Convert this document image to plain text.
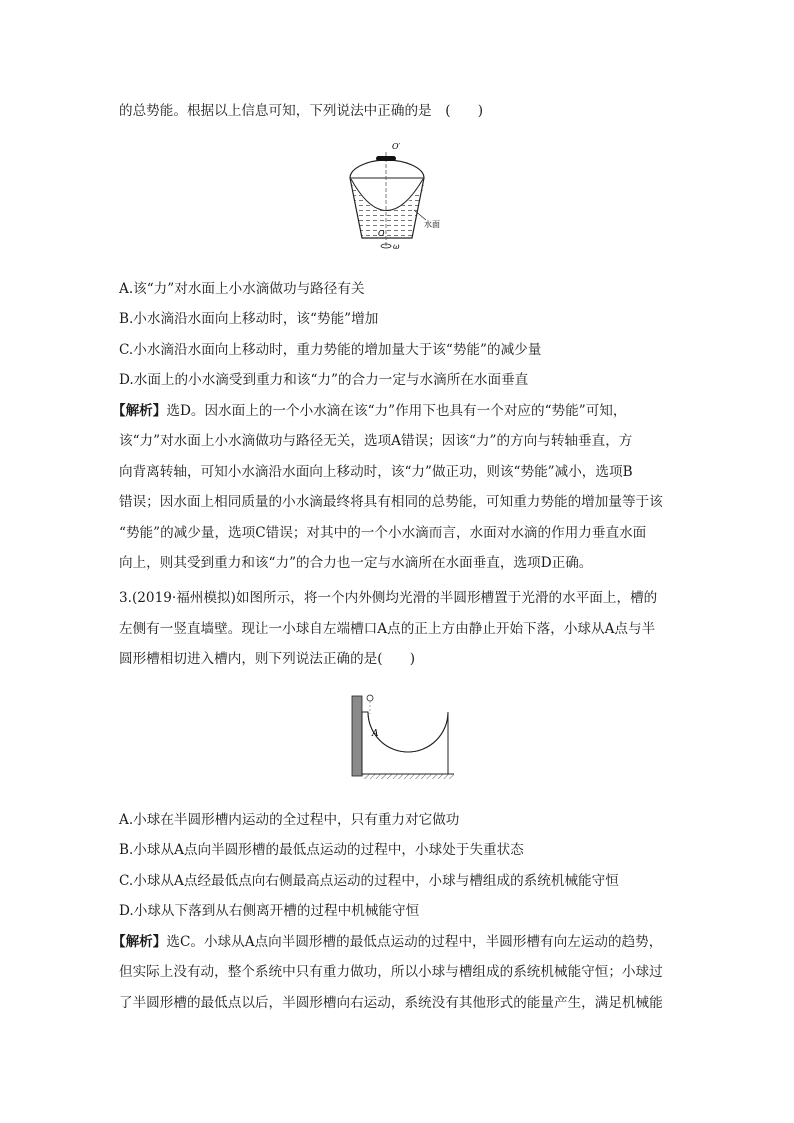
的总势能。根据以上信息可知，下列说法中正确的是　(　　)
O′
水面
O
ω
A.该“力”对水面上小水滴做功与路径有关
B.小水滴沿水面向上移动时，该“势能”增加
C.小水滴沿水面向上移动时，重力势能的增加量大于该“势能”的减少量
D.水面上的小水滴受到重力和该“力”的合力一定与水滴所在水面垂直
【解析】选D。因水面上的一个小水滴在该“力”作用下也具有一个对应的“势能”可知，
该“力”对水面上小水滴做功与路径无关，选项A错误；因该“力”的方向与转轴垂直，方
向背离转轴，可知小水滴沿水面向上移动时，该“力”做正功，则该“势能”减小，选项B
错误；因水面上相同质量的小水滴最终将具有相同的总势能，可知重力势能的增加量等于该
“势能”的减少量，选项C错误；对其中的一个小水滴而言，水面对水滴的作用力垂直水面
向上，则其受到重力和该“力”的合力也一定与水滴所在水面垂直，选项D正确。
3.(2019·福州模拟)如图所示，将一个内外侧均光滑的半圆形槽置于光滑的水平面上，槽的
左侧有一竖直墙壁。现让一小球自左端槽口A点的正上方由静止开始下落，小球从A点与半
圆形槽相切进入槽内，则下列说法正确的是(　　)
A
A.小球在半圆形槽内运动的全过程中，只有重力对它做功
B.小球从A点向半圆形槽的最低点运动的过程中，小球处于失重状态
C.小球从A点经最低点向右侧最高点运动的过程中，小球与槽组成的系统机械能守恒
D.小球从下落到从右侧离开槽的过程中机械能守恒
【解析】选C。小球从A点向半圆形槽的最低点运动的过程中，半圆形槽有向左运动的趋势，
但实际上没有动，整个系统中只有重力做功，所以小球与槽组成的系统机械能守恒；小球过
了半圆形槽的最低点以后，半圆形槽向右运动，系统没有其他形式的能量产生，满足机械能
